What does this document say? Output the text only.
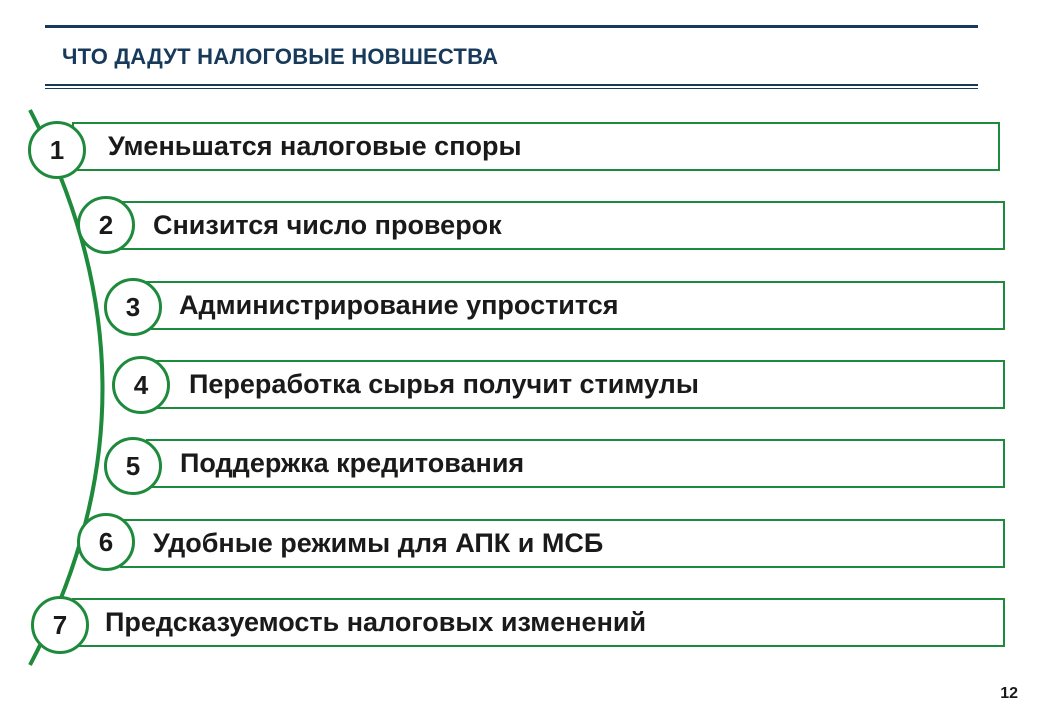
ЧТО ДАДУТ НАЛОГОВЫЕ НОВШЕСТВА
Уменьшатся налоговые споры
1
Снизится число проверок
2
Администрирование упростится
3
Переработка сырья получит стимулы
4
Поддержка кредитования
5
Удобные режимы для АПК и МСБ
6
Предсказуемость налоговых изменений
7
12
